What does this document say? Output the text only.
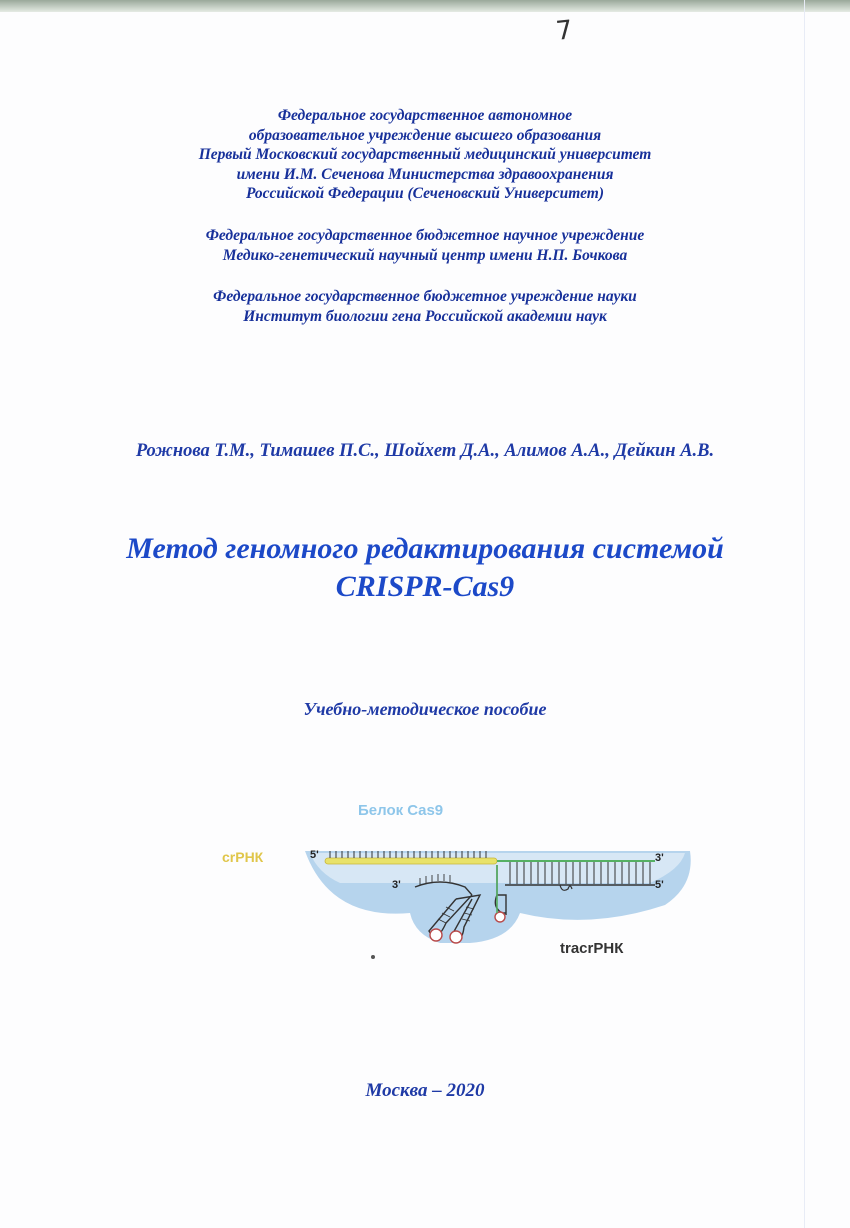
7
Федеральное государственное автономное
образовательное учреждение высшего образования
Первый Московский государственный медицинский университет
имени И.М. Сеченова Министерства здравоохранения
Российской Федерации (Сеченовский Университет)
Федеральное государственное бюджетное научное учреждение
Медико-генетический научный центр имени Н.П. Бочкова
Федеральное государственное бюджетное учреждение науки
Институт биологии гена Российской академии наук
Рожнова Т.М., Тимашев П.С., Шойхет Д.А., Алимов А.А., Дейкин А.В.
Метод геномного редактирования системой
CRISPR-Cas9
Учебно-методическое пособие
Белок Cas9
crРНК
tracrРНК
5'	3'
5'
3'
Москва – 2020
